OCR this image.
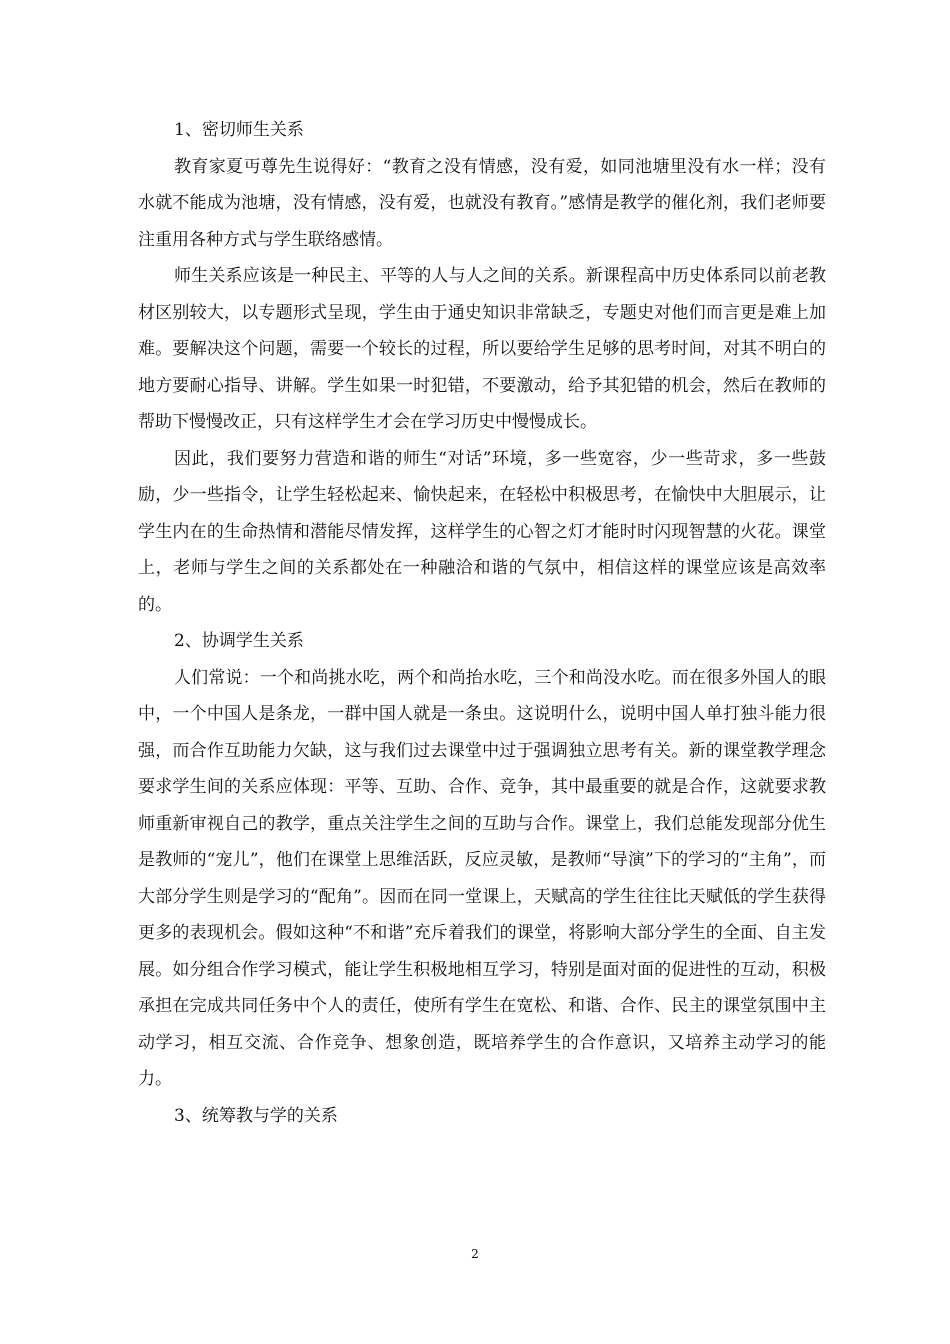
1、密切师生关系

教育家夏丏尊先生说得好：“教育之没有情感，没有爱，如同池塘里没有水一样；没有水就不能成为池塘，没有情感，没有爱，也就没有教育。”感情是教学的催化剂，我们老师要注重用各种方式与学生联络感情。

师生关系应该是一种民主、平等的人与人之间的关系。新课程高中历史体系同以前老教材区别较大，以专题形式呈现，学生由于通史知识非常缺乏，专题史对他们而言更是难上加难。要解决这个问题，需要一个较长的过程，所以要给学生足够的思考时间，对其不明白的地方要耐心指导、讲解。学生如果一时犯错，不要激动，给予其犯错的机会，然后在教师的帮助下慢慢改正，只有这样学生才会在学习历史中慢慢成长。

因此，我们要努力营造和谐的师生“对话”环境，多一些宽容，少一些苛求，多一些鼓励，少一些指令，让学生轻松起来、愉快起来，在轻松中积极思考，在愉快中大胆展示，让学生内在的生命热情和潜能尽情发挥，这样学生的心智之灯才能时时闪现智慧的火花。课堂上，老师与学生之间的关系都处在一种融洽和谐的气氛中，相信这样的课堂应该是高效率的。

2、协调学生关系

人们常说：一个和尚挑水吃，两个和尚抬水吃，三个和尚没水吃。而在很多外国人的眼中，一个中国人是条龙，一群中国人就是一条虫。这说明什么，说明中国人单打独斗能力很强，而合作互助能力欠缺，这与我们过去课堂中过于强调独立思考有关。新的课堂教学理念要求学生间的关系应体现：平等、互助、合作、竞争，其中最重要的就是合作，这就要求教师重新审视自己的教学，重点关注学生之间的互助与合作。课堂上，我们总能发现部分优生是教师的“宠儿”，他们在课堂上思维活跃，反应灵敏，是教师“导演”下的学习的“主角”，而大部分学生则是学习的“配角”。因而在同一堂课上，天赋高的学生往往比天赋低的学生获得更多的表现机会。假如这种“不和谐”充斥着我们的课堂，将影响大部分学生的全面、自主发展。如分组合作学习模式，能让学生积极地相互学习，特别是面对面的促进性的互动，积极承担在完成共同任务中个人的责任，使所有学生在宽松、和谐、合作、民主的课堂氛围中主动学习，相互交流、合作竞争、想象创造，既培养学生的合作意识，又培养主动学习的能力。

3、统筹教与学的关系

2
